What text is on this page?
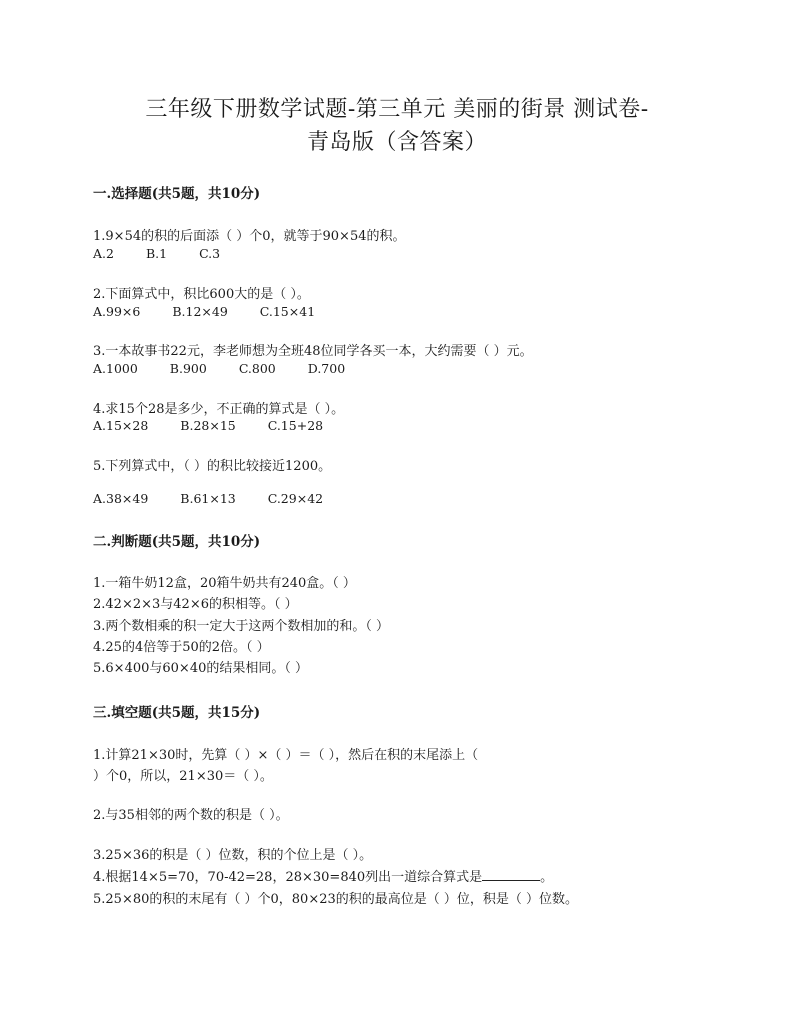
三年级下册数学试题-第三单元 美丽的街景 测试卷-
青岛版（含答案）
一.选择题(共5题，共10分)
1.9×54的积的后面添（ ）个0，就等于90×54的积。
A.2	B.1	C.3
2.下面算式中，积比600大的是（ ）。
A.99×6	B.12×49	C.15×41
3.一本故事书22元，李老师想为全班48位同学各买一本，大约需要（ ）元。
A.1000	B.900	C.800	D.700
4.求15个28是多少，不正确的算式是（ ）。
A.15×28	B.28×15	C.15+28
5.下列算式中，（ ）的积比较接近1200。
A.38×49	B.61×13	C.29×42
二.判断题(共5题，共10分)
1.一箱牛奶12盒，20箱牛奶共有240盒。（ ）
2.42×2×3与42×6的积相等。（ ）
3.两个数相乘的积一定大于这两个数相加的和。（ ）
4.25的4倍等于50的2倍。（ ）
5.6×400与60×40的结果相同。（ ）
三.填空题(共5题，共15分)
1.计算21×30时，先算（ ）×（ ）＝（ ），然后在积的末尾添上（
）个0，所以，21×30＝（ ）。
2.与35相邻的两个数的积是（ ）。
3.25×36的积是（ ）位数，积的个位上是（ ）。
4.根据14×5=70，70-42=28，28×30=840列出一道综合算式是	。
5.25×80的积的末尾有（ ）个0，80×23的积的最高位是（ ）位，积是（ ）位数。
